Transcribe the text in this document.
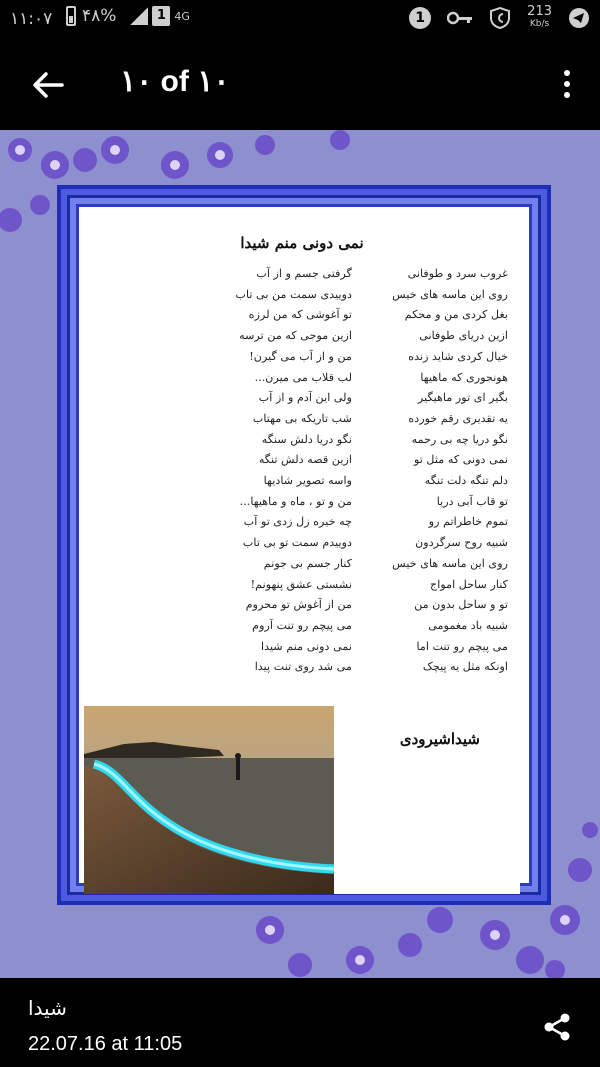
۱۱:۰۷ ۴۸%	1 4G	1	213
Kb/s
۱۰ of ۱۰
نمی دونی منم شیدا
غروب سرد و طوفانی
روی این ماسه های خیس
بغل کردی من و محکم
ازین دریای طوفانی
خیال کردی شاید زنده
هونجوری که ماهیها
بگیر ای تور ماهیگیر
یه تقدیری رقم خورده
نگو دریا چه بی رحمه
نمی دونی که مثل تو
دلم تنگه دلت تنگه
تو قاب آبی دریا
تموم خاطراتم رو
شبیه روح سرگردون
روی این ماسه های خیس
کنار ساحل امواج
تو و ساحل بدون من
شبیه باد مغمومی
می پیچم رو تنت اما
اونکه مثل یه پیچک
گرفتی جسم و از آب
دوییدی سمت من بی تاب
تو آغوشی که من لرزه
ازین موجی که من ترسه
من و از آب می گیرن!
لب قلاب می میرن...
ولی این آدم و از آب
شب تاریکه بی مهتاب
نگو دریا دلش سنگه
ازین قصه دلش تنگه
واسه تصویر شادیها
من و تو ، ماه و ماهیها...
چه خیره زل زدی تو آب
دوییدم سمت تو بی تاب
کنار جسم بی جونم
نشستی عشق پنهونم!
من از آغوش تو محروم
می پیچم رو تنت آروم
نمی دونی منم شیدا
می شد روی تنت پیدا
شیداشیرودی
شیدا
22.07.16 at 11:05
